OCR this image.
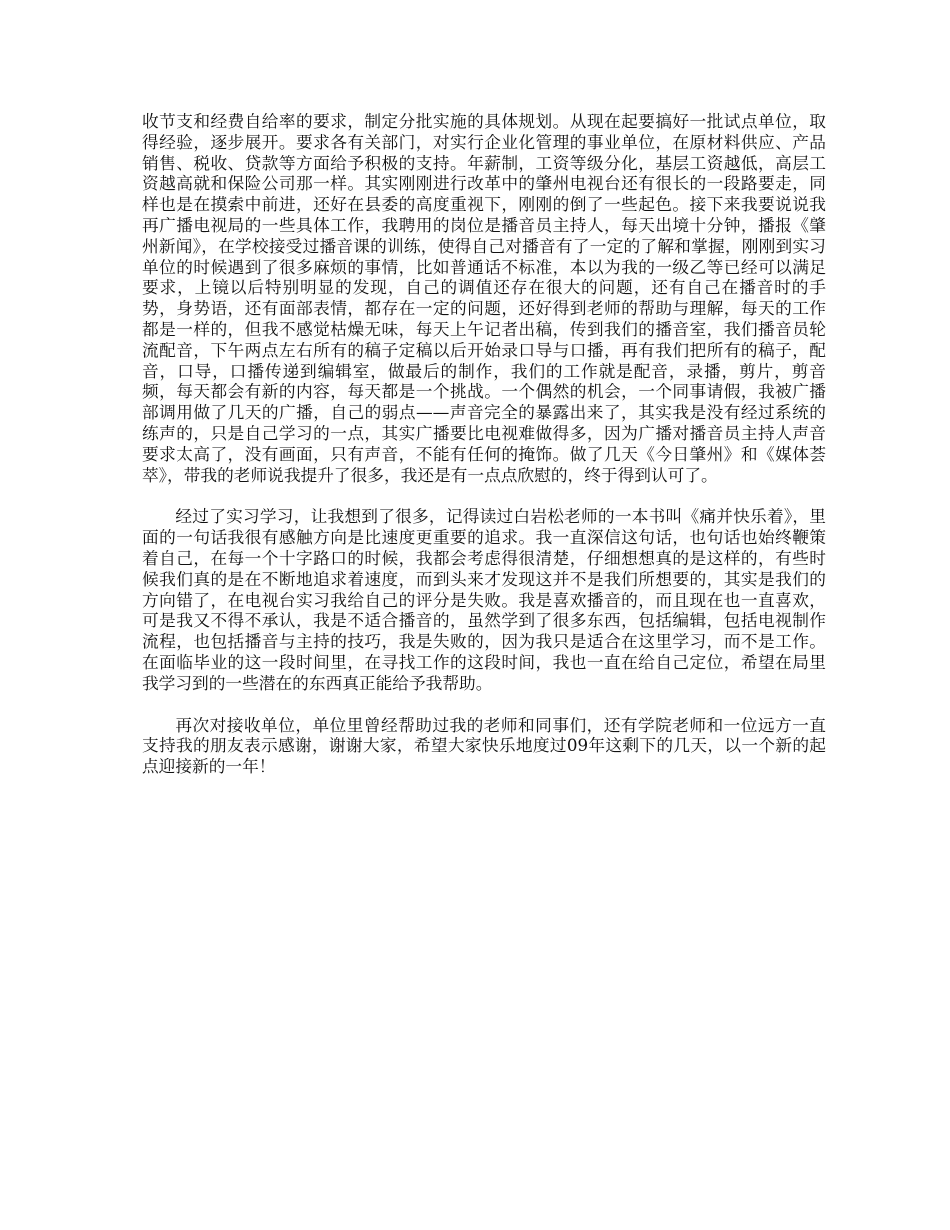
收节支和经费自给率的要求，制定分批实施的具体规划。从现在起要搞好一批试点单位，取得经验，逐步展开。要求各有关部门，对实行企业化管理的事业单位，在原材料供应、产品销售、税收、贷款等方面给予积极的支持。年薪制，工资等级分化，基层工资越低，高层工资越高就和保险公司那一样。其实刚刚进行改革中的肇州电视台还有很长的一段路要走，同样也是在摸索中前进，还好在县委的高度重视下，刚刚的倒了一些起色。接下来我要说说我再广播电视局的一些具体工作，我聘用的岗位是播音员主持人，每天出境十分钟，播报《肇州新闻》，在学校接受过播音课的训练，使得自己对播音有了一定的了解和掌握，刚刚到实习单位的时候遇到了很多麻烦的事情，比如普通话不标准，本以为我的一级乙等已经可以满足要求，上镜以后特别明显的发现，自己的调值还存在很大的问题，还有自己在播音时的手势，身势语，还有面部表情，都存在一定的问题，还好得到老师的帮助与理解，每天的工作都是一样的，但我不感觉枯燥无味，每天上午记者出稿，传到我们的播音室，我们播音员轮流配音，下午两点左右所有的稿子定稿以后开始录口导与口播，再有我们把所有的稿子，配音，口导，口播传递到编辑室，做最后的制作，我们的工作就是配音，录播，剪片，剪音频，每天都会有新的内容，每天都是一个挑战。一个偶然的机会，一个同事请假，我被广播部调用做了几天的广播，自己的弱点——声音完全的暴露出来了，其实我是没有经过系统的练声的，只是自己学习的一点，其实广播要比电视难做得多，因为广播对播音员主持人声音要求太高了，没有画面，只有声音，不能有任何的掩饰。做了几天《今日肇州》和《媒体荟萃》，带我的老师说我提升了很多，我还是有一点点欣慰的，终于得到认可了。

经过了实习学习，让我想到了很多，记得读过白岩松老师的一本书叫《痛并快乐着》，里面的一句话我很有感触方向是比速度更重要的追求。我一直深信这句话，也句话也始终鞭策着自己，在每一个十字路口的时候，我都会考虑得很清楚，仔细想想真的是这样的，有些时候我们真的是在不断地追求着速度，而到头来才发现这并不是我们所想要的，其实是我们的方向错了，在电视台实习我给自己的评分是失败。我是喜欢播音的，而且现在也一直喜欢，可是我又不得不承认，我是不适合播音的，虽然学到了很多东西，包括编辑，包括电视制作流程，也包括播音与主持的技巧，我是失败的，因为我只是适合在这里学习，而不是工作。在面临毕业的这一段时间里，在寻找工作的这段时间，我也一直在给自己定位，希望在局里我学习到的一些潜在的东西真正能给予我帮助。

再次对接收单位，单位里曾经帮助过我的老师和同事们，还有学院老师和一位远方一直支持我的朋友表示感谢，谢谢大家，希望大家快乐地度过09年这剩下的几天，以一个新的起点迎接新的一年！
